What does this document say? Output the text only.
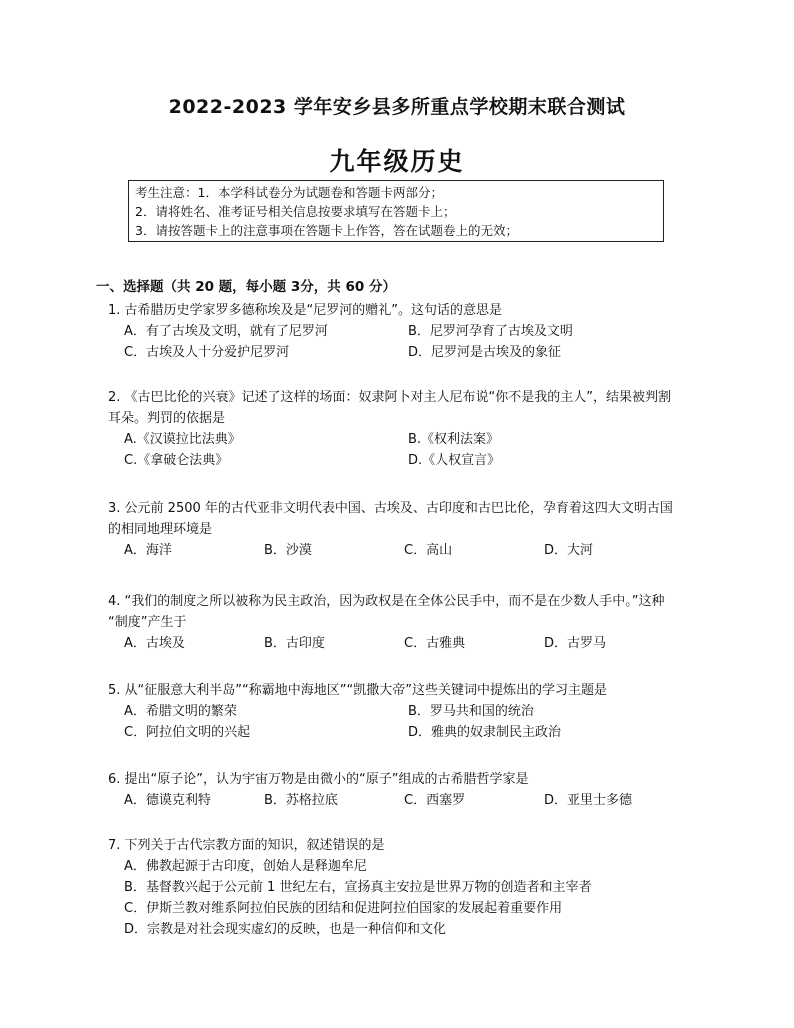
2022-2023 学年安乡县多所重点学校期末联合测试
九年级历史
考生注意：1．本学科试卷分为试题卷和答题卡两部分；
2．请将姓名、准考证号相关信息按要求填写在答题卡上；
3．请按答题卡上的注意事项在答题卡上作答，答在试题卷上的无效；
一、选择题（共 20 题，每小题 3分，共 60 分）
1. 古希腊历史学家罗多德称埃及是“尼罗河的赠礼”。这句话的意思是
A．有了古埃及文明，就有了尼罗河	B．尼罗河孕育了古埃及文明
C．古埃及人十分爱护尼罗河	D．尼罗河是古埃及的象征
2. 《古巴比伦的兴衰》记述了这样的场面：奴隶阿卜对主人尼布说“你不是我的主人”，结果被判割
耳朵。判罚的依据是
A.《汉谟拉比法典》	B.《权利法案》
C.《拿破仑法典》	D.《人权宣言》
3. 公元前 2500 年的古代亚非文明代表中国、古埃及、古印度和古巴比伦，孕育着这四大文明古国
的相同地理环境是
A．海洋	B．沙漠	C．高山	D．大河
4. “我们的制度之所以被称为民主政治，因为政权是在全体公民手中，而不是在少数人手中。”这种
“制度”产生于
A．古埃及	B．古印度	C．古雅典	D．古罗马
5. 从“征服意大利半岛”“称霸地中海地区”“凯撒大帝”这些关键词中提炼出的学习主题是
A．希腊文明的繁荣	B．罗马共和国的统治
C．阿拉伯文明的兴起	D．雅典的奴隶制民主政治
6. 提出“原子论”，认为宇宙万物是由微小的“原子”组成的古希腊哲学家是
A．德谟克利特	B．苏格拉底	C．西塞罗	D．亚里士多德
7. 下列关于古代宗教方面的知识，叙述错误的是
A．佛教起源于古印度，创始人是释迦牟尼
B．基督教兴起于公元前 1 世纪左右，宣扬真主安拉是世界万物的创造者和主宰者
C．伊斯兰教对维系阿拉伯民族的团结和促进阿拉伯国家的发展起着重要作用
D．宗教是对社会现实虚幻的反映，也是一种信仰和文化
